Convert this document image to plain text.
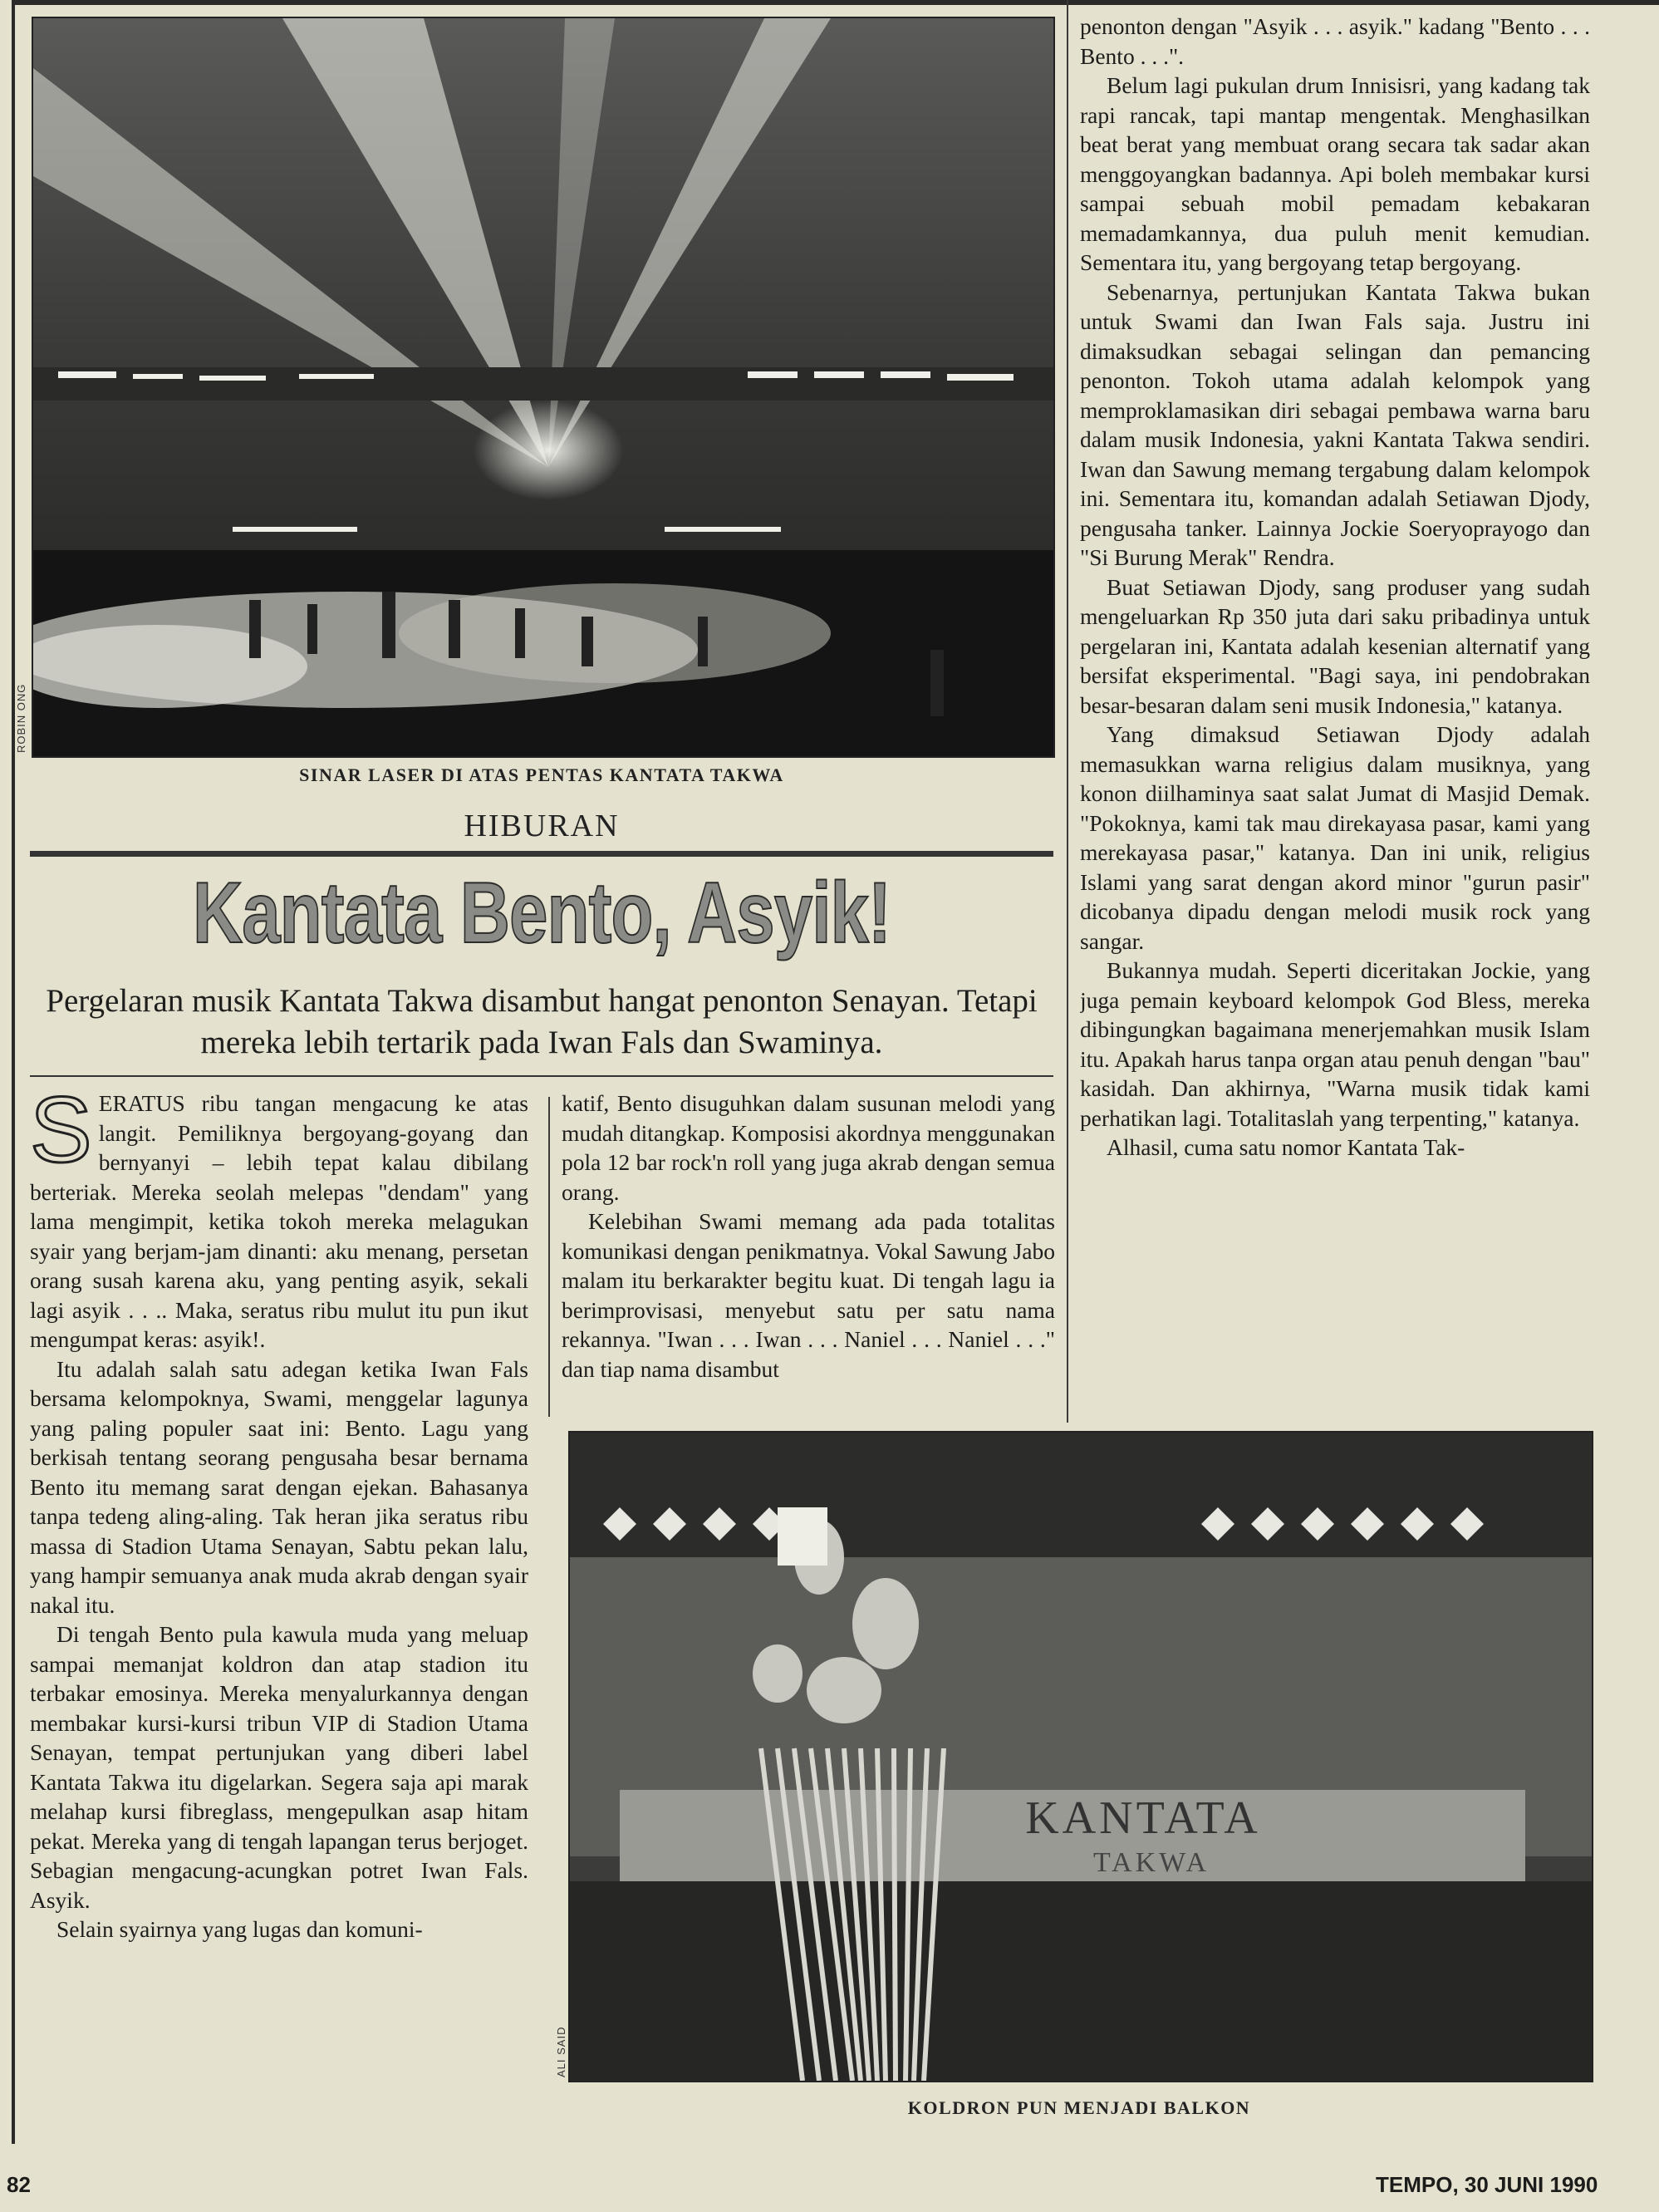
ROBIN ONG
SINAR LASER DI ATAS PENTAS KANTATA TAKWA
HIBURAN
Kantata Bento, Asyik!
Pergelaran musik Kantata Takwa disambut hangat penonton Senayan. Tetapi mereka lebih tertarik pada Iwan Fals dan Swaminya.

SERATUS ribu tangan mengacung ke atas langit. Pemiliknya bergoyang-goyang dan bernyanyi – lebih tepat kalau dibilang berteriak. Mereka seolah melepas "dendam" yang lama mengimpit, ketika tokoh mereka melagukan syair yang berjam-jam dinanti: aku menang, persetan orang susah karena aku, yang penting asyik, sekali lagi asyik . . .. Maka, seratus ribu mulut itu pun ikut mengumpat keras: asyik!.

Itu adalah salah satu adegan ketika Iwan Fals bersama kelompoknya, Swami, menggelar lagunya yang paling populer saat ini: Bento. Lagu yang berkisah tentang seorang pengusaha besar bernama Bento itu memang sarat dengan ejekan. Bahasanya tanpa tedeng aling-aling. Tak heran jika seratus ribu massa di Stadion Utama Senayan, Sabtu pekan lalu, yang hampir semuanya anak muda akrab dengan syair nakal itu.

Di tengah Bento pula kawula muda yang meluap sampai memanjat koldron dan atap stadion itu terbakar emosinya. Mereka menyalurkannya dengan membakar kursi-kursi tribun VIP di Stadion Utama Senayan, tempat pertunjukan yang diberi label Kantata Takwa itu digelarkan. Segera saja api marak melahap kursi fibreglass, mengepulkan asap hitam pekat. Mereka yang di tengah lapangan terus berjoget. Sebagian mengacung-acungkan potret Iwan Fals. Asyik.

Selain syairnya yang lugas dan komuni-

katif, Bento disuguhkan dalam susunan melodi yang mudah ditangkap. Komposisi akordnya menggunakan pola 12 bar rock'n roll yang juga akrab dengan semua orang.

Kelebihan Swami memang ada pada totalitas komunikasi dengan penikmatnya. Vokal Sawung Jabo malam itu berkarakter begitu kuat. Di tengah lagu ia berimprovisasi, menyebut satu per satu nama rekannya. "Iwan . . . Iwan . . . Naniel . . . Naniel . . ." dan tiap nama disambut

penonton dengan "Asyik . . . asyik." kadang "Bento . . . Bento . . .".

Belum lagi pukulan drum Innisisri, yang kadang tak rapi rancak, tapi mantap mengentak. Menghasilkan beat berat yang membuat orang secara tak sadar akan menggoyangkan badannya. Api boleh membakar kursi sampai sebuah mobil pemadam kebakaran memadamkannya, dua puluh menit kemudian. Sementara itu, yang bergoyang tetap bergoyang.

Sebenarnya, pertunjukan Kantata Takwa bukan untuk Swami dan Iwan Fals saja. Justru ini dimaksudkan sebagai selingan dan pemancing penonton. Tokoh utama adalah kelompok yang memproklamasikan diri sebagai pembawa warna baru dalam musik Indonesia, yakni Kantata Takwa sendiri. Iwan dan Sawung memang tergabung dalam kelompok ini. Sementara itu, komandan adalah Setiawan Djody, pengusaha tanker. Lainnya Jockie Soeryoprayogo dan "Si Burung Merak" Rendra.

Buat Setiawan Djody, sang produser yang sudah mengeluarkan Rp 350 juta dari saku pribadinya untuk pergelaran ini, Kantata adalah kesenian alternatif yang bersifat eksperimental. "Bagi saya, ini pendobrakan besar-besaran dalam seni musik Indonesia," katanya.

Yang dimaksud Setiawan Djody adalah memasukkan warna religius dalam musiknya, yang konon diilhaminya saat salat Jumat di Masjid Demak. "Pokoknya, kami tak mau direkayasa pasar, kami yang merekayasa pasar," katanya. Dan ini unik, religius Islami yang sarat dengan akord minor "gurun pasir" dicobanya dipadu dengan melodi musik rock yang sangar.

Bukannya mudah. Seperti diceritakan Jockie, yang juga pemain keyboard kelompok God Bless, mereka dibingungkan bagaimana menerjemahkan musik Islam itu. Apakah harus tanpa organ atau penuh dengan "bau" kasidah. Dan akhirnya, "Warna musik tidak kami perhatikan lagi. Totalitaslah yang terpenting," katanya.

Alhasil, cuma satu nomor Kantata Tak-

KANTATA
TAKWA
ALI SAID
KOLDRON PUN MENJADI BALKON
82	TEMPO, 30 JUNI 1990
